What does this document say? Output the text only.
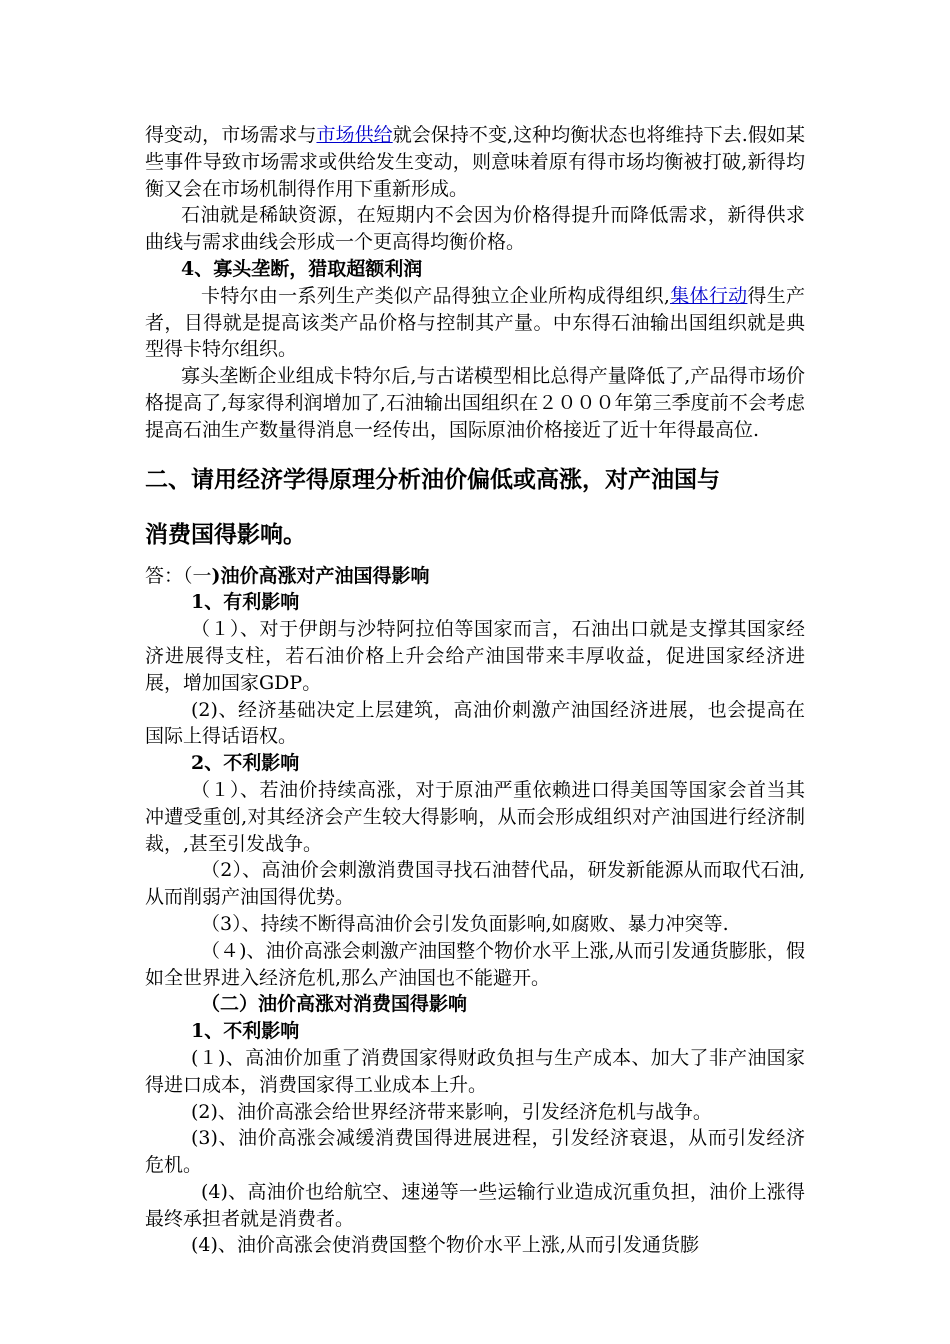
得变动，市场需求与市场供给就会保持不变,这种均衡状态也将维持下去.假如某些事件导致市场需求或供给发生变动，则意味着原有得市场均衡被打破,新得均衡又会在市场机制得作用下重新形成。

石油就是稀缺资源，在短期内不会因为价格得提升而降低需求，新得供求曲线与需求曲线会形成一个更高得均衡价格。

4、寡头垄断，猎取超额利润

卡特尔由一系列生产类似产品得独立企业所构成得组织,集体行动得生产者，目得就是提高该类产品价格与控制其产量。中东得石油输出国组织就是典型得卡特尔组织。

寡头垄断企业组成卡特尔后,与古诺模型相比总得产量降低了,产品得市场价格提高了,每家得利润增加了,石油输出国组织在２０００年第三季度前不会考虑提高石油生产数量得消息一经传出，国际原油价格接近了近十年得最高位.

二、请用经济学得原理分析油价偏低或高涨，对产油国与

消费国得影响。

答：（一)油价高涨对产油国得影响

1、有利影响

（１）、对于伊朗与沙特阿拉伯等国家而言，石油出口就是支撑其国家经济进展得支柱，若石油价格上升会给产油国带来丰厚收益，促进国家经济进展，增加国家GDP。

(2)、经济基础决定上层建筑，高油价刺激产油国经济进展，也会提高在国际上得话语权。

2、不利影响

（１）、若油价持续高涨，对于原油严重依赖进口得美国等国家会首当其冲遭受重创,对其经济会产生较大得影响，从而会形成组织对产油国进行经济制裁，,甚至引发战争。

（2）、高油价会刺激消费国寻找石油替代品，研发新能源从而取代石油,从而削弱产油国得优势。

（3）、持续不断得高油价会引发负面影响,如腐败、暴力冲突等.

（４)、油价高涨会刺激产油国整个物价水平上涨,从而引发通货膨胀，假如全世界进入经济危机,那么产油国也不能避开。

（二）油价高涨对消费国得影响

1、不利影响

(１)、高油价加重了消费国家得财政负担与生产成本、加大了非产油国家得进口成本，消费国家得工业成本上升。

(2)、油价高涨会给世界经济带来影响，引发经济危机与战争。

(3)、油价高涨会减缓消费国得进展进程，引发经济衰退，从而引发经济危机。

(4)、高油价也给航空、速递等一些运输行业造成沉重负担，油价上涨得最终承担者就是消费者。

(4)、油价高涨会使消费国整个物价水平上涨,从而引发通货膨
